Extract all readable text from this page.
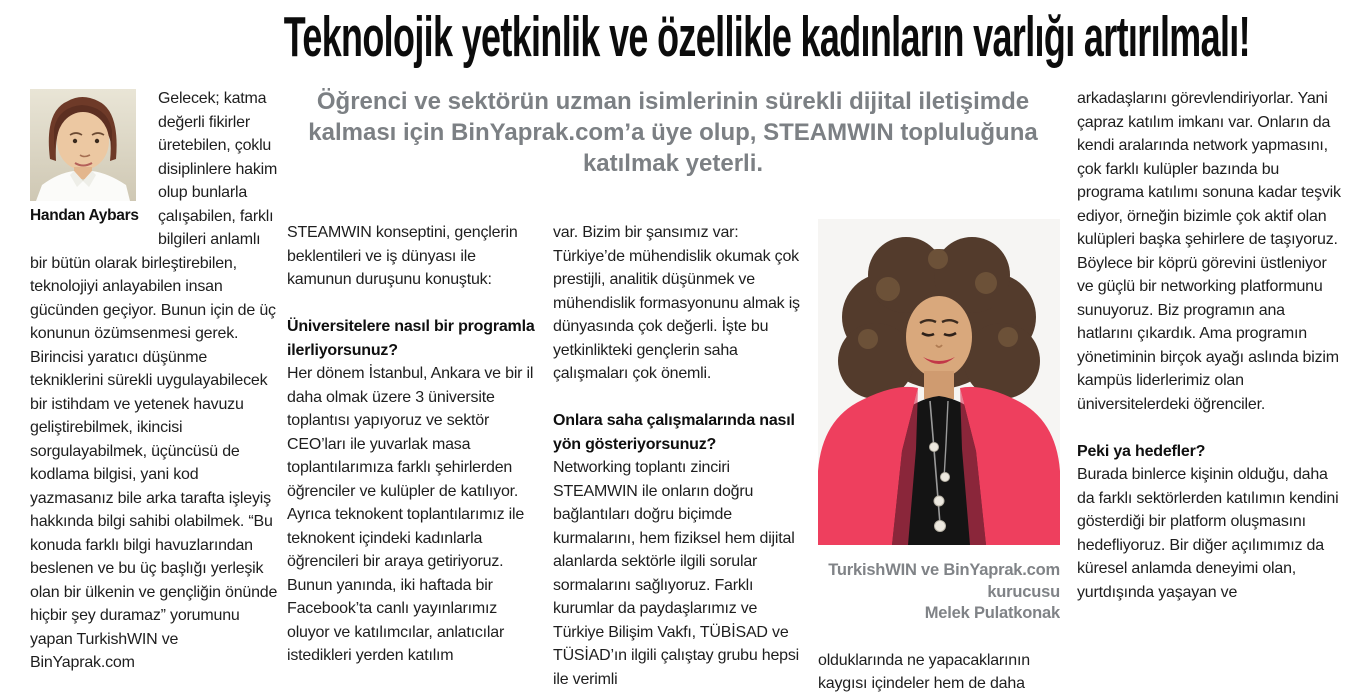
Teknolojik yetkinlik ve özellikle kadınların varlığı artırılmalı!
Öğrenci ve sektörün uzman isimlerinin sürekli dijital iletişimde kalması için BinYaprak.com’a üye olup, STEAMWIN topluluğuna katılmak yeterli.
Handan Aybars

Gelecek; katma değerli fikirler üretebilen, çoklu disiplinlere hakim olup bunlarla çalışabilen, farklı bilgileri anlamlı bir bütün olarak birleştirebilen, teknolojiyi anlayabilen insan gücünden geçiyor. Bunun için de üç konunun özümsenmesi gerek. Birincisi yaratıcı düşünme tekniklerini sürekli uygulayabilecek bir istihdam ve yetenek havuzu geliştirebilmek, ikincisi sorgulayabilmek, üçüncüsü de kodlama bilgisi, yani kod yazmasanız bile arka tarafta işleyiş hakkında bilgi sahibi olabilmek. “Bu konuda farklı bilgi havuzlarından beslenen ve bu üç başlığı yerleşik olan bir ülkenin ve gençliğin önünde hiçbir şey duramaz” yorumunu yapan TurkishWIN ve BinYaprak.com

STEAMWIN konseptini, gençlerin beklentileri ve iş dünyası ile kamunun duruşunu konuştuk:

Üniversitelere nasıl bir programla ilerliyorsunuz?

Her dönem İstanbul, Ankara ve bir il daha olmak üzere 3 üniversite toplantısı yapıyoruz ve sektör CEO’ları ile yuvarlak masa toplantılarımıza farklı şehirlerden öğrenciler ve kulüpler de katılıyor. Ayrıca teknokent toplantılarımız ile teknokent içindeki kadınlarla öğrencileri bir araya getiriyoruz. Bunun yanında, iki haftada bir Facebook’ta canlı yayınlarımız oluyor ve katılımcılar, anlatıcılar istedikleri yerden katılım

var. Bizim bir şansımız var: Türkiye’de mühendislik okumak çok prestijli, analitik düşünmek ve mühendislik formasyonunu almak iş dünyasında çok değerli. İşte bu yetkinlikteki gençlerin saha çalışmaları çok önemli.

Onlara saha çalışmalarında nasıl yön gösteriyorsunuz?

Networking toplantı zinciri STEAMWIN ile onların doğru bağlantıları doğru biçimde kurmalarını, hem fiziksel hem dijital alanlarda sektörle ilgili sorular sormalarını sağlıyoruz. Farklı kurumlar da paydaşlarımız ve Türkiye Bilişim Vakfı, TÜBİSAD ve TÜSİAD’ın ilgili çalıştay grubu hepsi ile verimli

TurkishWIN ve BinYaprak.com
kurucusu
Melek Pulatkonak

olduklarında ne yapacaklarının kaygısı içindeler hem de daha

arkadaşlarını görevlendiriyorlar. Yani çapraz katılım imkanı var. Onların da kendi aralarında network yapmasını, çok farklı kulüpler bazında bu programa katılımı sonuna kadar teşvik ediyor, örneğin bizimle çok aktif olan kulüpleri başka şehirlere de taşıyoruz. Böylece bir köprü görevini üstleniyor ve güçlü bir networking platformunu sunuyoruz. Biz programın ana hatlarını çıkardık. Ama programın yönetiminin birçok ayağı aslında bizim kampüs liderlerimiz olan üniversitelerdeki öğrenciler.

Peki ya hedefler?

Burada binlerce kişinin olduğu, daha da farklı sektörlerden katılımın kendini gösterdiği bir platform oluşmasını hedefliyoruz. Bir diğer açılımımız da küresel anlamda deneyimi olan, yurtdışında yaşayan ve
